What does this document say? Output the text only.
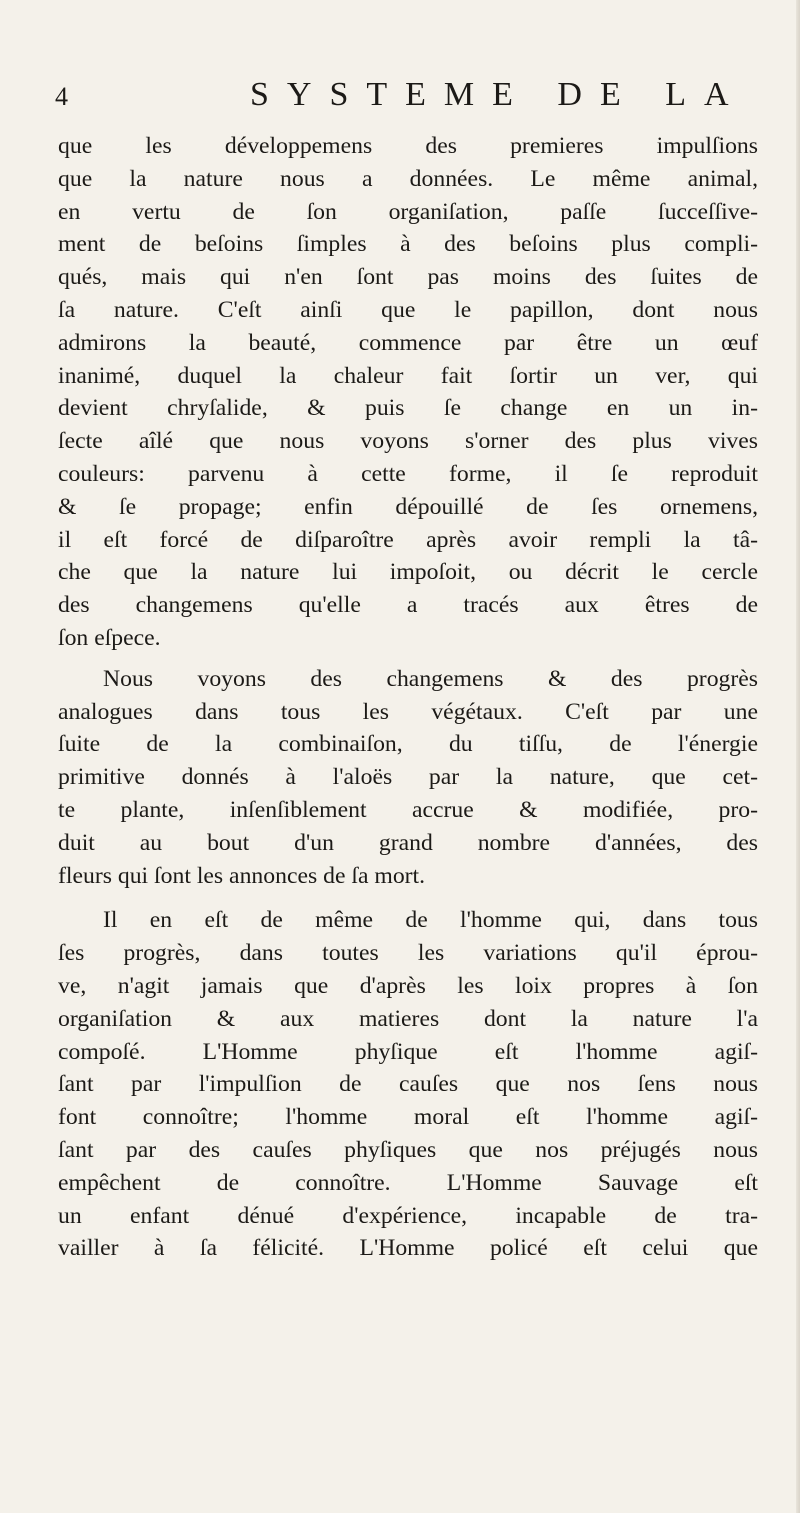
4	SYSTEME DE LA
que les développemens des premieres impulſions
que la nature nous a données. Le même animal,
en vertu de ſon organiſation, paſſe ſucceſſive-
ment de beſoins ſimples à des beſoins plus compli-
qués, mais qui n'en ſont pas moins des ſuites de
ſa nature. C'eſt ainſi que le papillon, dont nous
admirons la beauté, commence par être un œuf
inanimé, duquel la chaleur fait ſortir un ver, qui
devient chryſalide, & puis ſe change en un in-
ſecte aîlé que nous voyons s'orner des plus vives
couleurs: parvenu à cette forme, il ſe reproduit
& ſe propage; enfin dépouillé de ſes ornemens,
il eſt forcé de diſparoître après avoir rempli la tâ-
che que la nature lui impoſoit, ou décrit le cercle
des changemens qu'elle a tracés aux êtres de
ſon eſpece.
Nous voyons des changemens & des progrès
analogues dans tous les végétaux. C'eſt par une
ſuite de la combinaiſon, du tiſſu, de l'énergie
primitive donnés à l'aloës par la nature, que cet-
te plante, inſenſiblement accrue & modifiée, pro-
duit au bout d'un grand nombre d'années, des
fleurs qui ſont les annonces de ſa mort.
Il en eſt de même de l'homme qui, dans tous
ſes progrès, dans toutes les variations qu'il éprou-
ve, n'agit jamais que d'après les loix propres à ſon
organiſation & aux matieres dont la nature l'a
compoſé. L'Homme phyſique eſt l'homme agiſ-
ſant par l'impulſion de cauſes que nos ſens nous
font connoître; l'homme moral eſt l'homme agiſ-
ſant par des cauſes phyſiques que nos préjugés nous
empêchent de connoître. L'Homme Sauvage eſt
un enfant dénué d'expérience, incapable de tra-
vailler à ſa félicité. L'Homme policé eſt celui que
